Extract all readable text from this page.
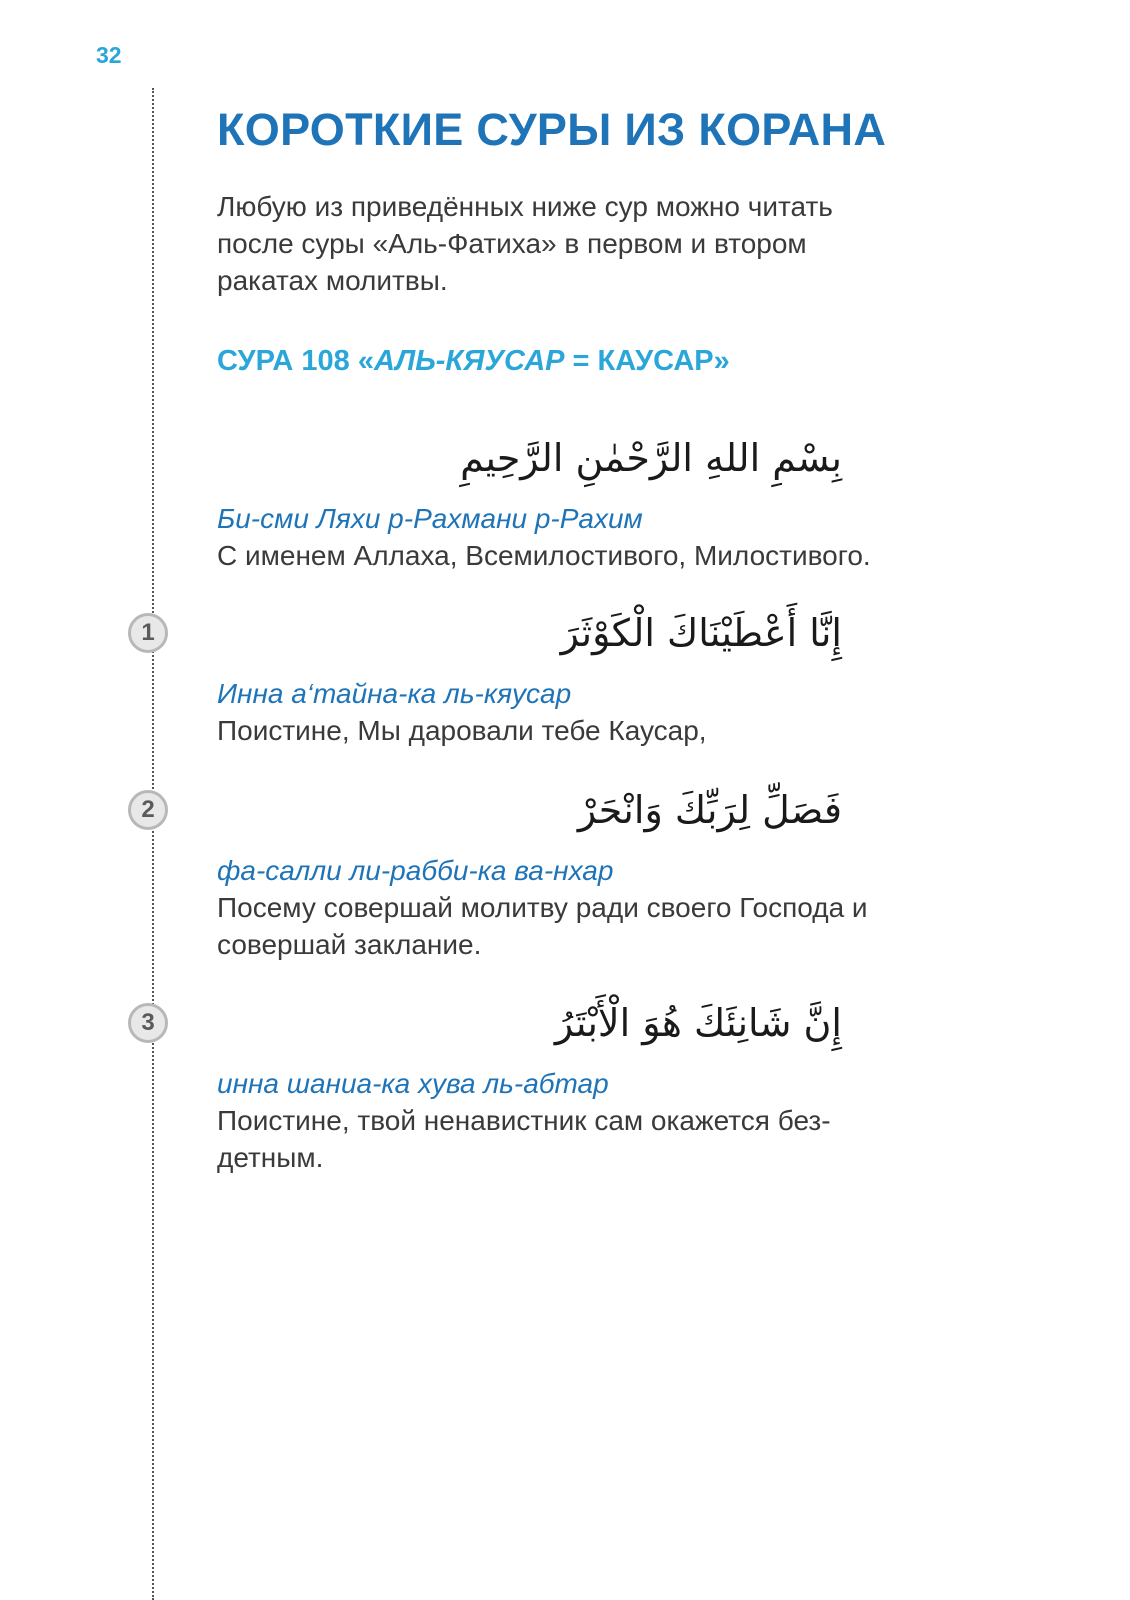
32
1
2
3
КОРОТКИЕ СУРЫ ИЗ КОРАНА

Любую из приведённых ниже сур можно читать после суры «Аль-Фатиха» в первом и втором ракатах молитвы.

СУРА 108 «АЛЬ-КЯУСАР = КАУСАР»
بِسْمِ اللهِ الرَّحْمٰنِ الرَّحِيمِ
Би-сми Ляхи р-Рахмани р-Рахим
С именем Аллаха, Всемилостивого, Милостивого.
إِنَّا أَعْطَيْنَاكَ الْكَوْثَرَ
Инна а‘тайна-ка ль-кяусар
Поистине, Мы даровали тебе Каусар,
فَصَلِّ لِرَبِّكَ وَانْحَرْ
фа-салли ли-рабби-ка ва-нхар
Посему совершай молитву ради своего Господа и совершай заклание.
إِنَّ شَانِئَكَ هُوَ الْأَبْتَرُ
инна шаниа-ка хува ль-абтар
Поистине, твой ненавистник сам окажется без-детным.
